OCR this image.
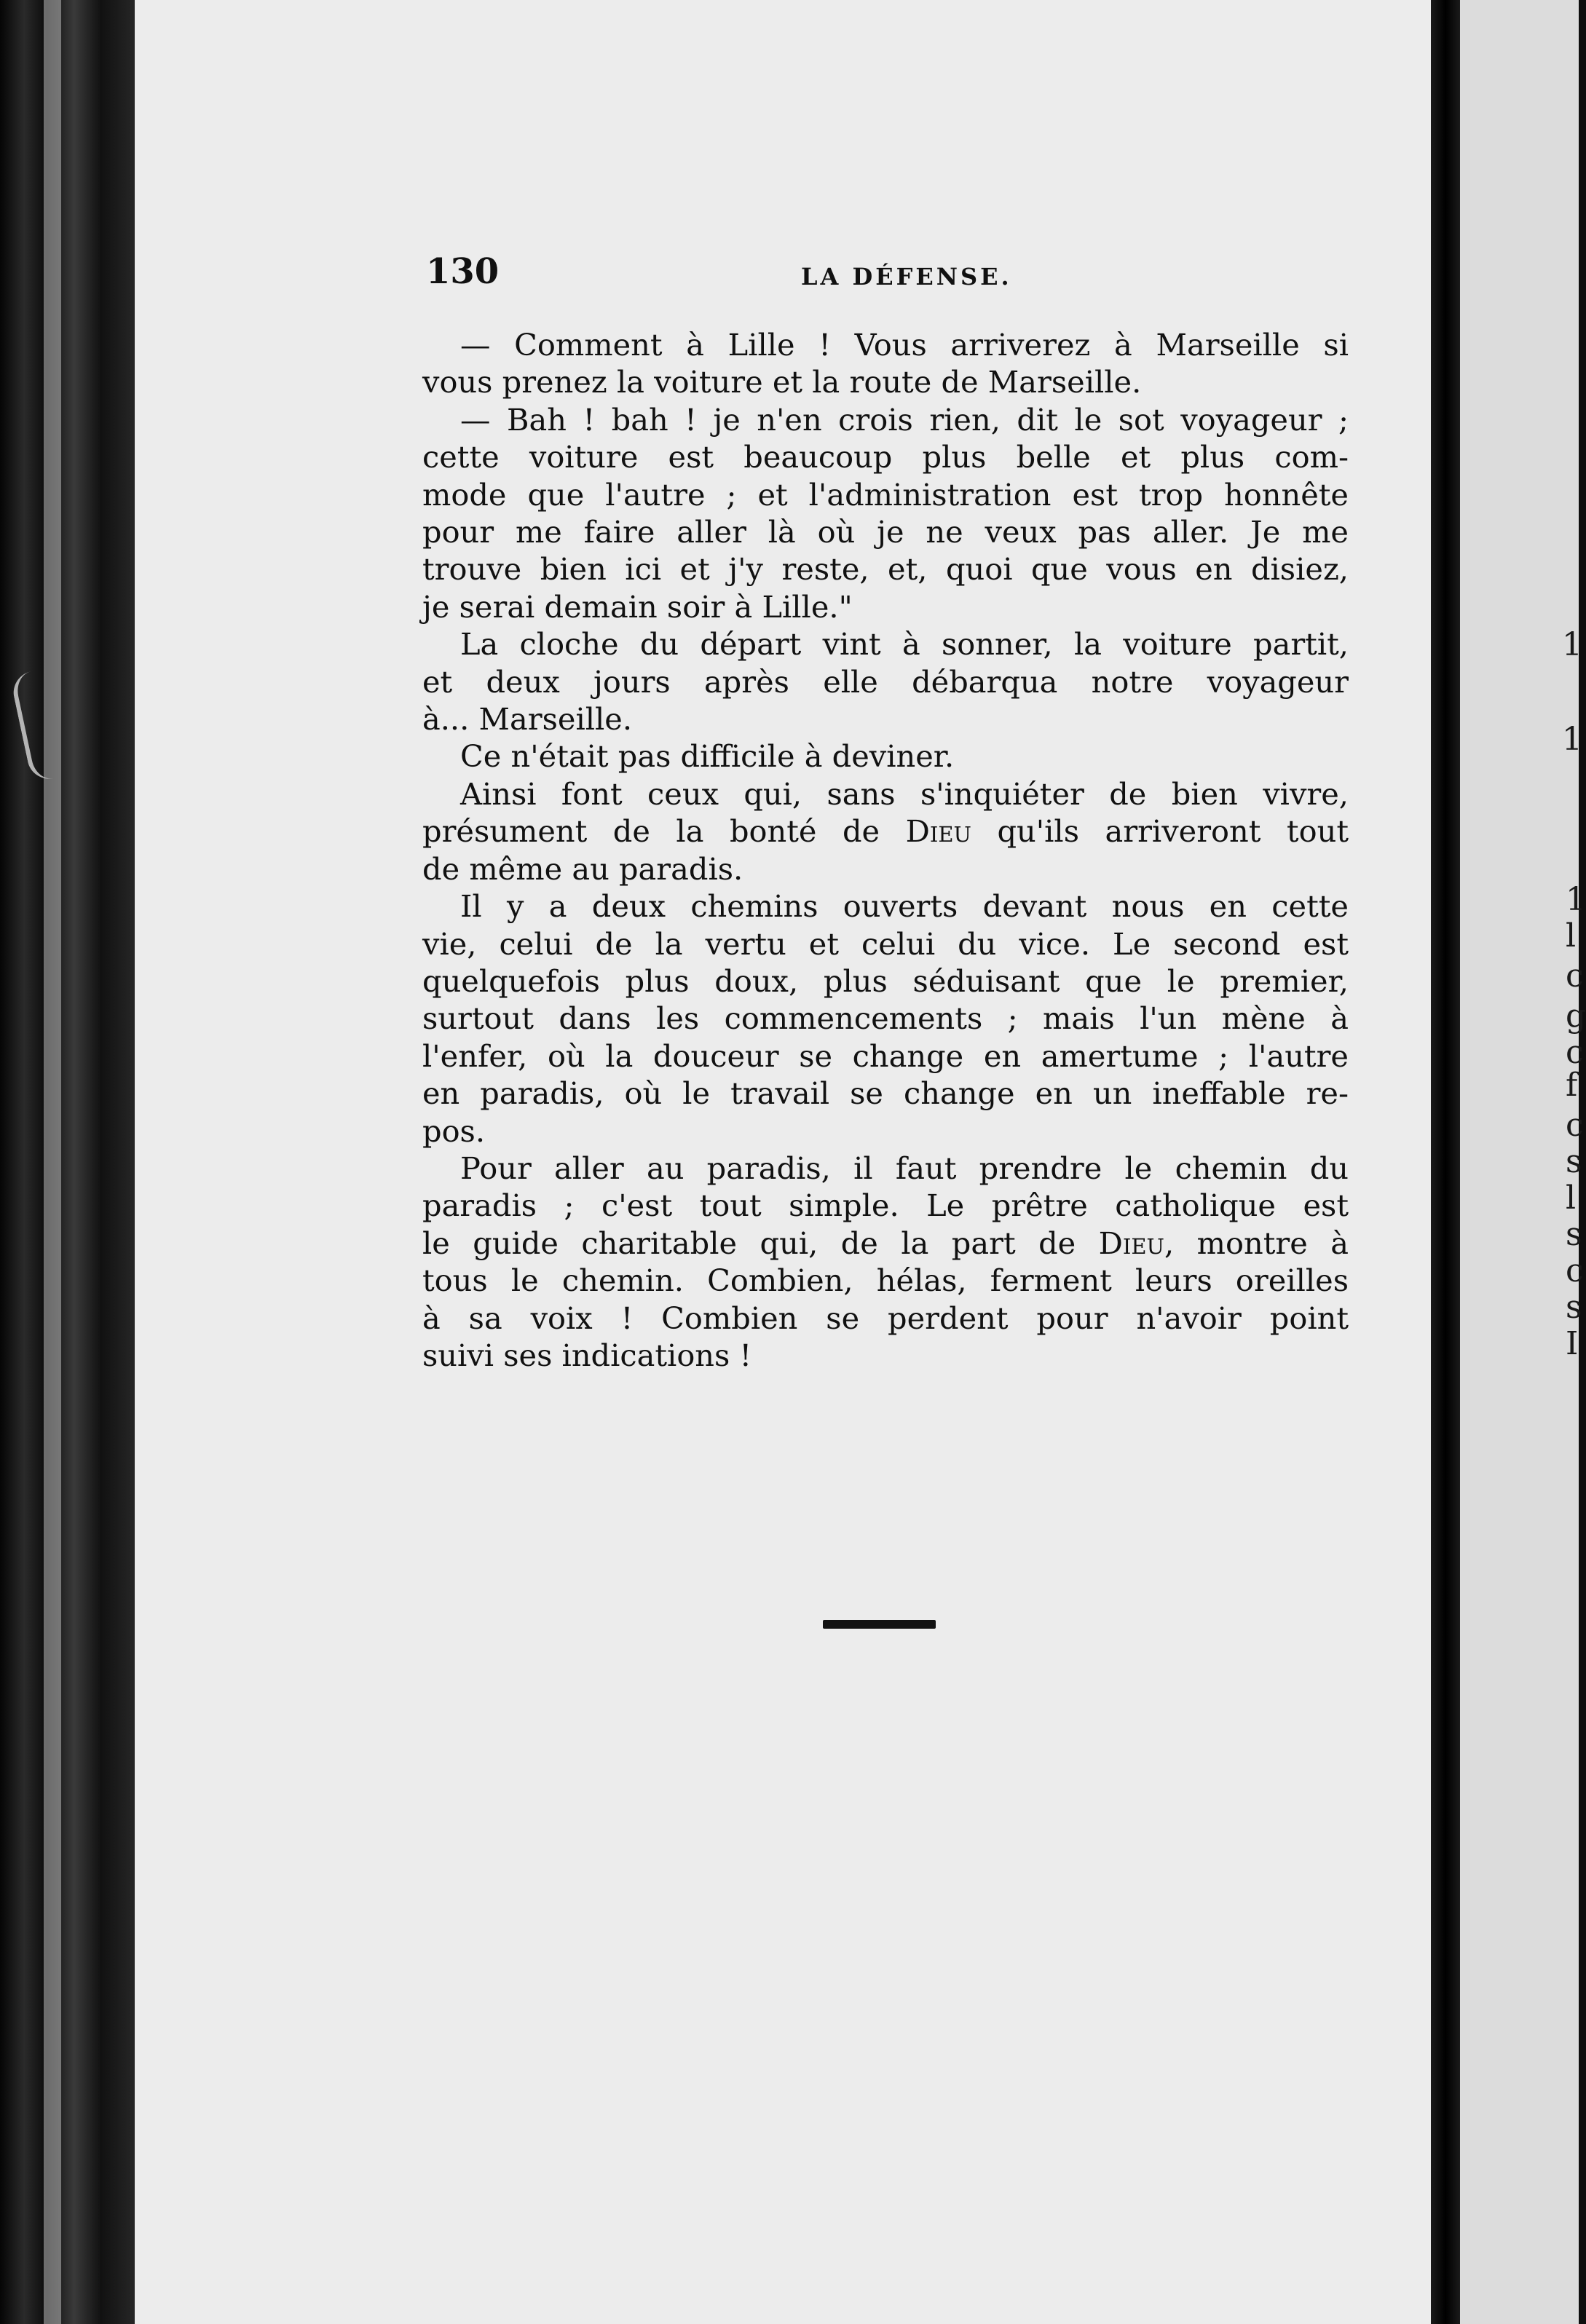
130	LA DÉFENSE.
— Comment à Lille ! Vous arriverez à Marseille si
vous prenez la voiture et la route de Marseille.
— Bah ! bah ! je n'en crois rien, dit le sot voyageur ;
cette voiture est beaucoup plus belle et plus com-
mode que l'autre ; et l'administration est trop honnête
pour me faire aller là où je ne veux pas aller. Je me
trouve bien ici et j'y reste, et, quoi que vous en disiez,
je serai demain soir à Lille."
La cloche du départ vint à sonner, la voiture partit,
et deux jours après elle débarqua notre voyageur
à... Marseille.
Ce n'était pas difficile à deviner.
Ainsi font ceux qui, sans s'inquiéter de bien vivre,
présument de la bonté de Dieu qu'ils arriveront tout
de même au paradis.
Il y a deux chemins ouverts devant nous en cette
vie, celui de la vertu et celui du vice. Le second est
quelquefois plus doux, plus séduisant que le premier,
surtout dans les commencements ; mais l'un mène à
l'enfer, où la douceur se change en amertume ; l'autre
en paradis, où le travail se change en un ineffable re-
pos.
Pour aller au paradis, il faut prendre le chemin du
paradis ; c'est tout simple. Le prêtre catholique est
le guide charitable qui, de la part de Dieu, montre à
tous le chemin. Combien, hélas, ferment leurs oreilles
à sa voix ! Combien se perdent pour n'avoir point
suivi ses indications !
1
1
1
l
c
g
c
f
c
s
l
s
c
s
I
